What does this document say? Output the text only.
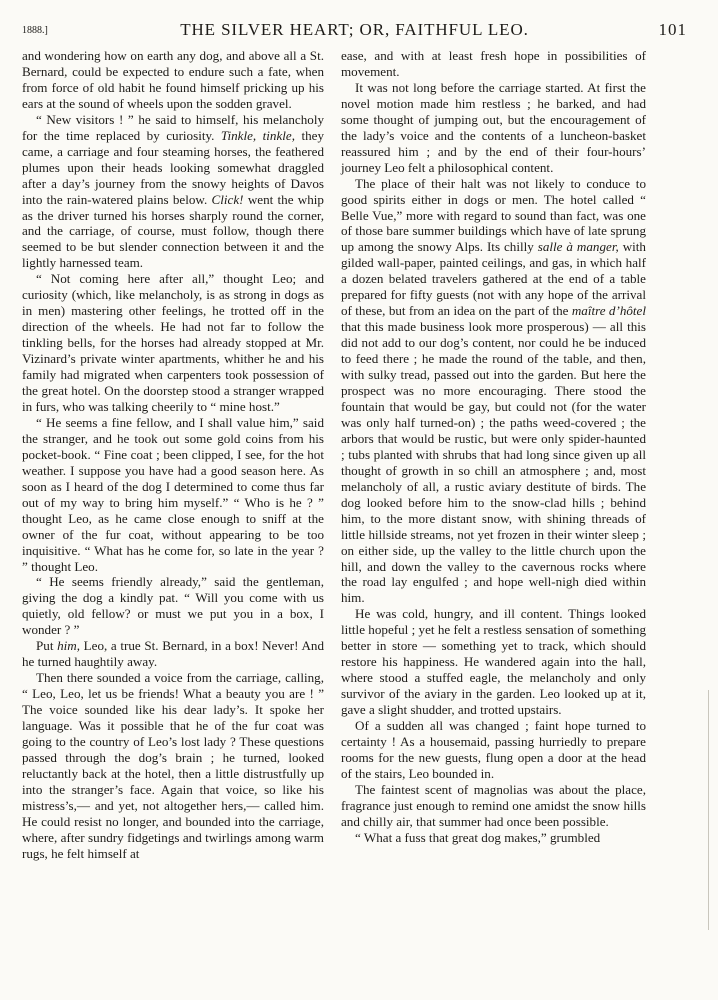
1888.]	THE SILVER HEART; OR, FAITHFUL LEO.	101

and wondering how on earth any dog, and above all a St. Bernard, could be expected to endure such a fate, when from force of old habit he found himself pricking up his ears at the sound of wheels upon the sodden gravel.

“ New visitors ! ” he said to himself, his melancholy for the time replaced by curiosity. Tinkle, tinkle, they came, a carriage and four steaming horses, the feathered plumes upon their heads looking somewhat draggled after a day’s journey from the snowy heights of Davos into the rain-watered plains below. Click! went the whip as the driver turned his horses sharply round the corner, and the carriage, of course, must follow, though there seemed to be but slender connection between it and the lightly harnessed team.

“ Not coming here after all,” thought Leo; and curiosity (which, like melancholy, is as strong in dogs as in men) mastering other feelings, he trotted off in the direction of the wheels. He had not far to follow the tinkling bells, for the horses had already stopped at Mr. Vizinard’s private winter apartments, whither he and his family had migrated when carpenters took possession of the great hotel. On the doorstep stood a stranger wrapped in furs, who was talking cheerily to “ mine host.”

“ He seems a fine fellow, and I shall value him,” said the stranger, and he took out some gold coins from his pocket-book. “ Fine coat ; been clipped, I see, for the hot weather. I suppose you have had a good season here. As soon as I heard of the dog I determined to come thus far out of my way to bring him myself.” “ Who is he ? ” thought Leo, as he came close enough to sniff at the owner of the fur coat, without appearing to be too inquisitive. “ What has he come for, so late in the year ? ” thought Leo.

“ He seems friendly already,” said the gentleman, giving the dog a kindly pat. “ Will you come with us quietly, old fellow? or must we put you in a box, I wonder ? ”

Put him, Leo, a true St. Bernard, in a box! Never! And he turned haughtily away.

Then there sounded a voice from the carriage, calling, “ Leo, Leo, let us be friends! What a beauty you are ! ” The voice sounded like his dear lady’s. It spoke her language. Was it possible that he of the fur coat was going to the country of Leo’s lost lady ? These questions passed through the dog’s brain ; he turned, looked reluctantly back at the hotel, then a little distrustfully up into the stranger’s face. Again that voice, so like his mistress’s,— and yet, not altogether hers,— called him. He could resist no longer, and bounded into the carriage, where, after sundry fidgetings and twirlings among warm rugs, he felt himself at

ease, and with at least fresh hope in possibilities of movement.

It was not long before the carriage started. At first the novel motion made him restless ; he barked, and had some thought of jumping out, but the encouragement of the lady’s voice and the contents of a luncheon-basket reassured him ; and by the end of their four-hours’ journey Leo felt a philosophical content.

The place of their halt was not likely to conduce to good spirits either in dogs or men. The hotel called “ Belle Vue,” more with regard to sound than fact, was one of those bare summer buildings which have of late sprung up among the snowy Alps. Its chilly salle à manger, with gilded wall-paper, painted ceilings, and gas, in which half a dozen belated travelers gathered at the end of a table prepared for fifty guests (not with any hope of the arrival of these, but from an idea on the part of the maître d’hôtel that this made business look more prosperous) — all this did not add to our dog’s content, nor could he be induced to feed there ; he made the round of the table, and then, with sulky tread, passed out into the garden. But here the prospect was no more encouraging. There stood the fountain that would be gay, but could not (for the water was only half turned-on) ; the paths weed-covered ; the arbors that would be rustic, but were only spider-haunted ; tubs planted with shrubs that had long since given up all thought of growth in so chill an atmosphere ; and, most melancholy of all, a rustic aviary destitute of birds. The dog looked before him to the snow-clad hills ; behind him, to the more distant snow, with shining threads of little hillside streams, not yet frozen in their winter sleep ; on either side, up the valley to the little church upon the hill, and down the valley to the cavernous rocks where the road lay engulfed ; and hope well-nigh died within him.

He was cold, hungry, and ill content. Things looked little hopeful ; yet he felt a restless sensation of something better in store — something yet to track, which should restore his happiness. He wandered again into the hall, where stood a stuffed eagle, the melancholy and only survivor of the aviary in the garden. Leo looked up at it, gave a slight shudder, and trotted upstairs.

Of a sudden all was changed ; faint hope turned to certainty ! As a housemaid, passing hurriedly to prepare rooms for the new guests, flung open a door at the head of the stairs, Leo bounded in.

The faintest scent of magnolias was about the place, fragrance just enough to remind one amidst the snow hills and chilly air, that summer had once been possible.

“ What a fuss that great dog makes,” grumbled
